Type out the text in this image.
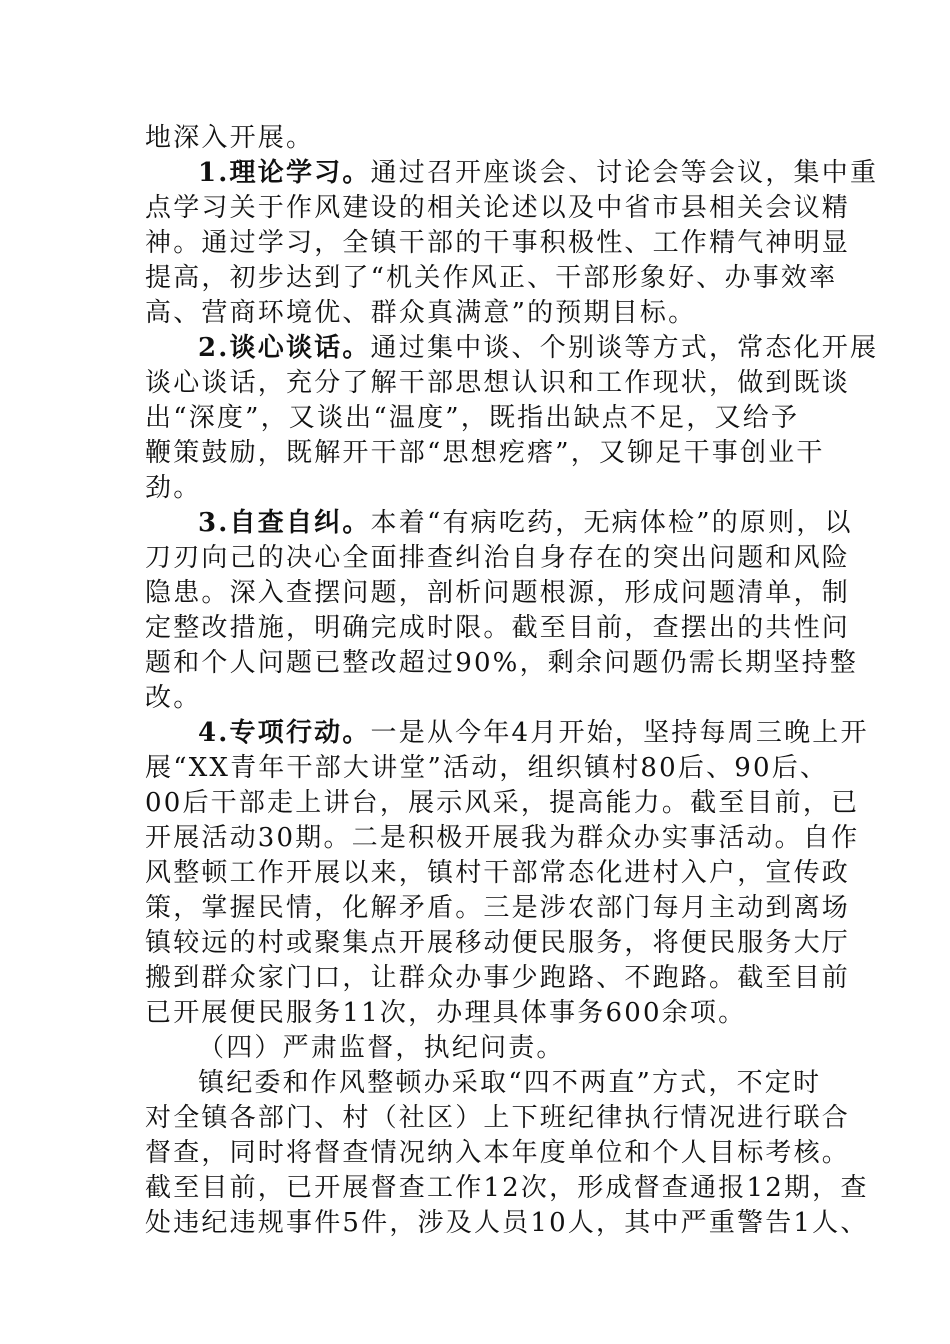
地深入开展。
1.理论学习。通过召开座谈会、讨论会等会议，集中重
点学习关于作风建设的相关论述以及中省市县相关会议精
神。通过学习，全镇干部的干事积极性、工作精气神明显
提高，初步达到了“机关作风正、干部形象好、办事效率
高、营商环境优、群众真满意”的预期目标。
2.谈心谈话。通过集中谈、个别谈等方式，常态化开展
谈心谈话，充分了解干部思想认识和工作现状，做到既谈
出“深度”，又谈出“温度”，既指出缺点不足，又给予
鞭策鼓励，既解开干部“思想疙瘩”，又铆足干事创业干
劲。
3.自查自纠。本着“有病吃药，无病体检”的原则，以
刀刃向己的决心全面排查纠治自身存在的突出问题和风险
隐患。深入查摆问题，剖析问题根源，形成问题清单，制
定整改措施，明确完成时限。截至目前，查摆出的共性问
题和个人问题已整改超过90%，剩余问题仍需长期坚持整
改。
4.专项行动。一是从今年4月开始，坚持每周三晚上开
展“XX青年干部大讲堂”活动，组织镇村80后、90后、
00后干部走上讲台，展示风采，提高能力。截至目前，已
开展活动30期。二是积极开展我为群众办实事活动。自作
风整顿工作开展以来，镇村干部常态化进村入户，宣传政
策，掌握民情，化解矛盾。三是涉农部门每月主动到离场
镇较远的村或聚集点开展移动便民服务，将便民服务大厅
搬到群众家门口，让群众办事少跑路、不跑路。截至目前
已开展便民服务11次，办理具体事务600余项。
（四）严肃监督，执纪问责。
镇纪委和作风整顿办采取“四不两直”方式，不定时
对全镇各部门、村（社区）上下班纪律执行情况进行联合
督查，同时将督查情况纳入本年度单位和个人目标考核。
截至目前，已开展督查工作12次，形成督查通报12期，查
处违纪违规事件5件，涉及人员10人，其中严重警告1人、
